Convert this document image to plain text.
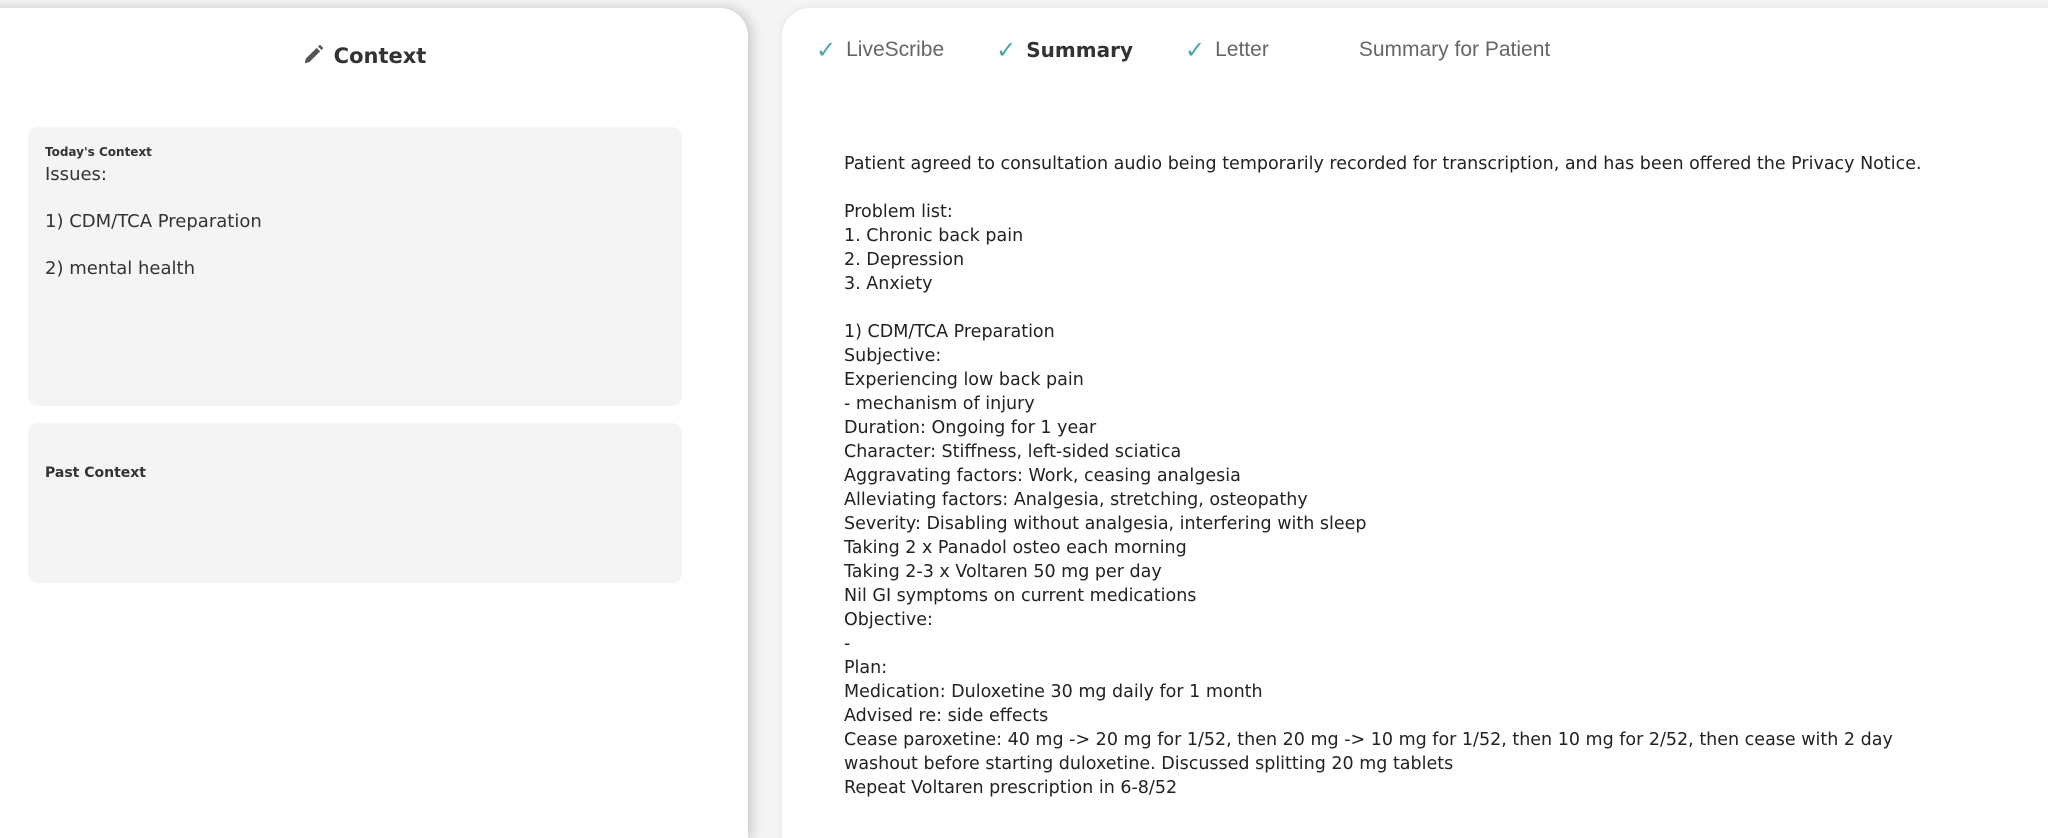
Context
Today's Context
Issues:
1) CDM/TCA Preparation
2) mental health
Past Context
✓ LiveScribe ✓ Summary ✓ Letter	Summary for Patient
Patient agreed to consultation audio being temporarily recorded for transcription, and has been offered the Privacy Notice.
Problem list:
1. Chronic back pain
2. Depression
3. Anxiety
1) CDM/TCA Preparation
Subjective:
Experiencing low back pain
- mechanism of injury
Duration: Ongoing for 1 year
Character: Stiffness, left-sided sciatica
Aggravating factors: Work, ceasing analgesia
Alleviating factors: Analgesia, stretching, osteopathy
Severity: Disabling without analgesia, interfering with sleep
Taking 2 x Panadol osteo each morning
Taking 2-3 x Voltaren 50 mg per day
Nil GI symptoms on current medications
Objective:
-
Plan:
Medication: Duloxetine 30 mg daily for 1 month
Advised re: side effects
Cease paroxetine: 40 mg -> 20 mg for 1/52, then 20 mg -> 10 mg for 1/52, then 10 mg for 2/52, then cease with 2 day
washout before starting duloxetine. Discussed splitting 20 mg tablets
Repeat Voltaren prescription in 6-8/52
